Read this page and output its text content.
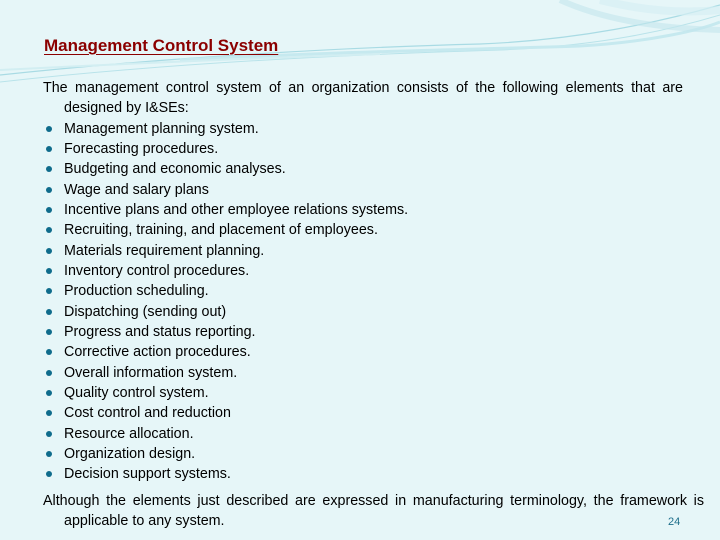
Management Control System

The management control system of an organization consists of the following elements that are designed by I&SEs:

Management planning system.
Forecasting procedures.
Budgeting and economic analyses.
Wage and salary plans
Incentive plans and other employee relations systems.
Recruiting, training, and placement of employees.
Materials requirement planning.
Inventory control procedures.
Production scheduling.
Dispatching (sending out)
Progress and status reporting.
Corrective action procedures.
Overall information system.
Quality control system.
Cost control and reduction
Resource allocation.
Organization design.
Decision support systems.

Although the elements just described are expressed in manufacturing terminology, the framework is applicable to any system.	24
